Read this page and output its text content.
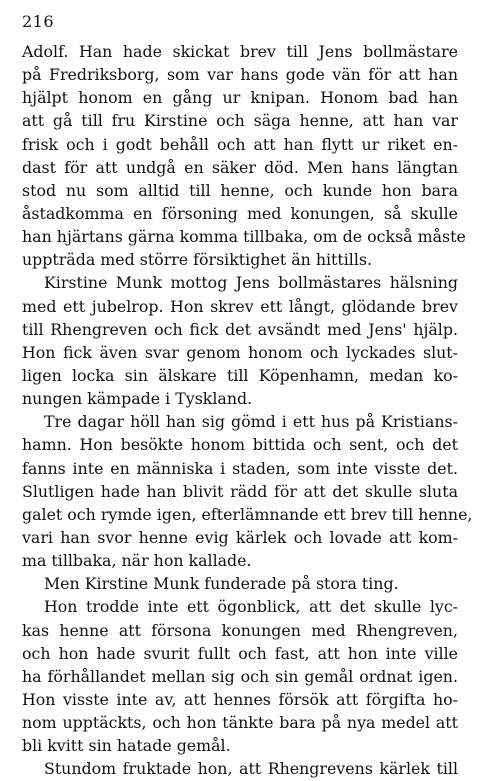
216
Adolf. Han hade skickat brev till Jens bollmästare
på Fredriksborg, som var hans gode vän för att han
hjälpt honom en gång ur knipan. Honom bad han
att gå till fru Kirstine och säga henne, att han var
frisk och i godt behåll och att han flytt ur riket en-
dast för att undgå en säker död. Men hans längtan
stod nu som alltid till henne, och kunde hon bara
åstadkomma en försoning med konungen, så skulle
han hjärtans gärna komma tillbaka, om de också måste
uppträda med större försiktighet än hittills.
Kirstine Munk mottog Jens bollmästares hälsning
med ett jubelrop. Hon skrev ett långt, glödande brev
till Rhengreven och fick det avsändt med Jens' hjälp.
Hon fick även svar genom honom och lyckades slut-
ligen locka sin älskare till Köpenhamn, medan ko-
nungen kämpade i Tyskland.
Tre dagar höll han sig gömd i ett hus på Kristians-
hamn. Hon besökte honom bittida och sent, och det
fanns inte en människa i staden, som inte visste det.
Slutligen hade han blivit rädd för att det skulle sluta
galet och rymde igen, efterlämnande ett brev till henne,
vari han svor henne evig kärlek och lovade att kom-
ma tillbaka, när hon kallade.
Men Kirstine Munk funderade på stora ting.
Hon trodde inte ett ögonblick, att det skulle lyc-
kas henne att försona konungen med Rhengreven,
och hon hade svurit fullt och fast, att hon inte ville
ha förhållandet mellan sig och sin gemål ordnat igen.
Hon visste inte av, att hennes försök att förgifta ho-
nom upptäckts, och hon tänkte bara på nya medel att
bli kvitt sin hatade gemål.
Stundom fruktade hon, att Rhengrevens kärlek till
